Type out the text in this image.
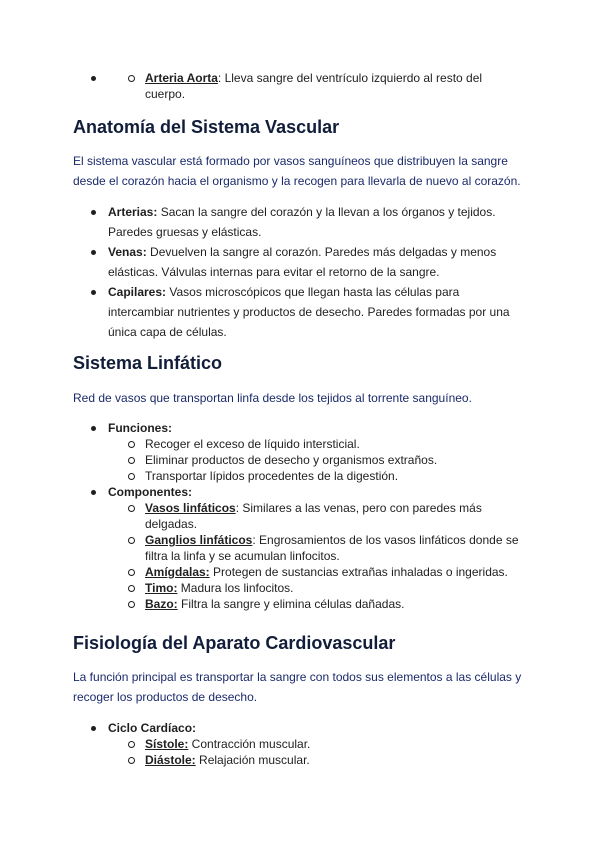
Arteria Aorta: Lleva sangre del ventrículo izquierdo al resto del cuerpo.
Anatomía del Sistema Vascular

El sistema vascular está formado por vasos sanguíneos que distribuyen la sangre desde el corazón hacia el organismo y la recogen para llevarla de nuevo al corazón.

Arterias: Sacan la sangre del corazón y la llevan a los órganos y tejidos. Paredes gruesas y elásticas.
Venas: Devuelven la sangre al corazón. Paredes más delgadas y menos elásticas. Válvulas internas para evitar el retorno de la sangre.
Capilares: Vasos microscópicos que llegan hasta las células para intercambiar nutrientes y productos de desecho. Paredes formadas por una única capa de células.
Sistema Linfático

Red de vasos que transportan linfa desde los tejidos al torrente sanguíneo.

Funciones:
Recoger el exceso de líquido intersticial.
Eliminar productos de desecho y organismos extraños.
Transportar lípidos procedentes de la digestión.
Componentes:
Vasos linfáticos: Similares a las venas, pero con paredes más delgadas.
Ganglios linfáticos: Engrosamientos de los vasos linfáticos donde se filtra la linfa y se acumulan linfocitos.
Amígdalas: Protegen de sustancias extrañas inhaladas o ingeridas.
Timo: Madura los linfocitos.
Bazo: Filtra la sangre y elimina células dañadas.
Fisiología del Aparato Cardiovascular

La función principal es transportar la sangre con todos sus elementos a las células y recoger los productos de desecho.

Ciclo Cardíaco:
Sístole: Contracción muscular.
Diástole: Relajación muscular.
